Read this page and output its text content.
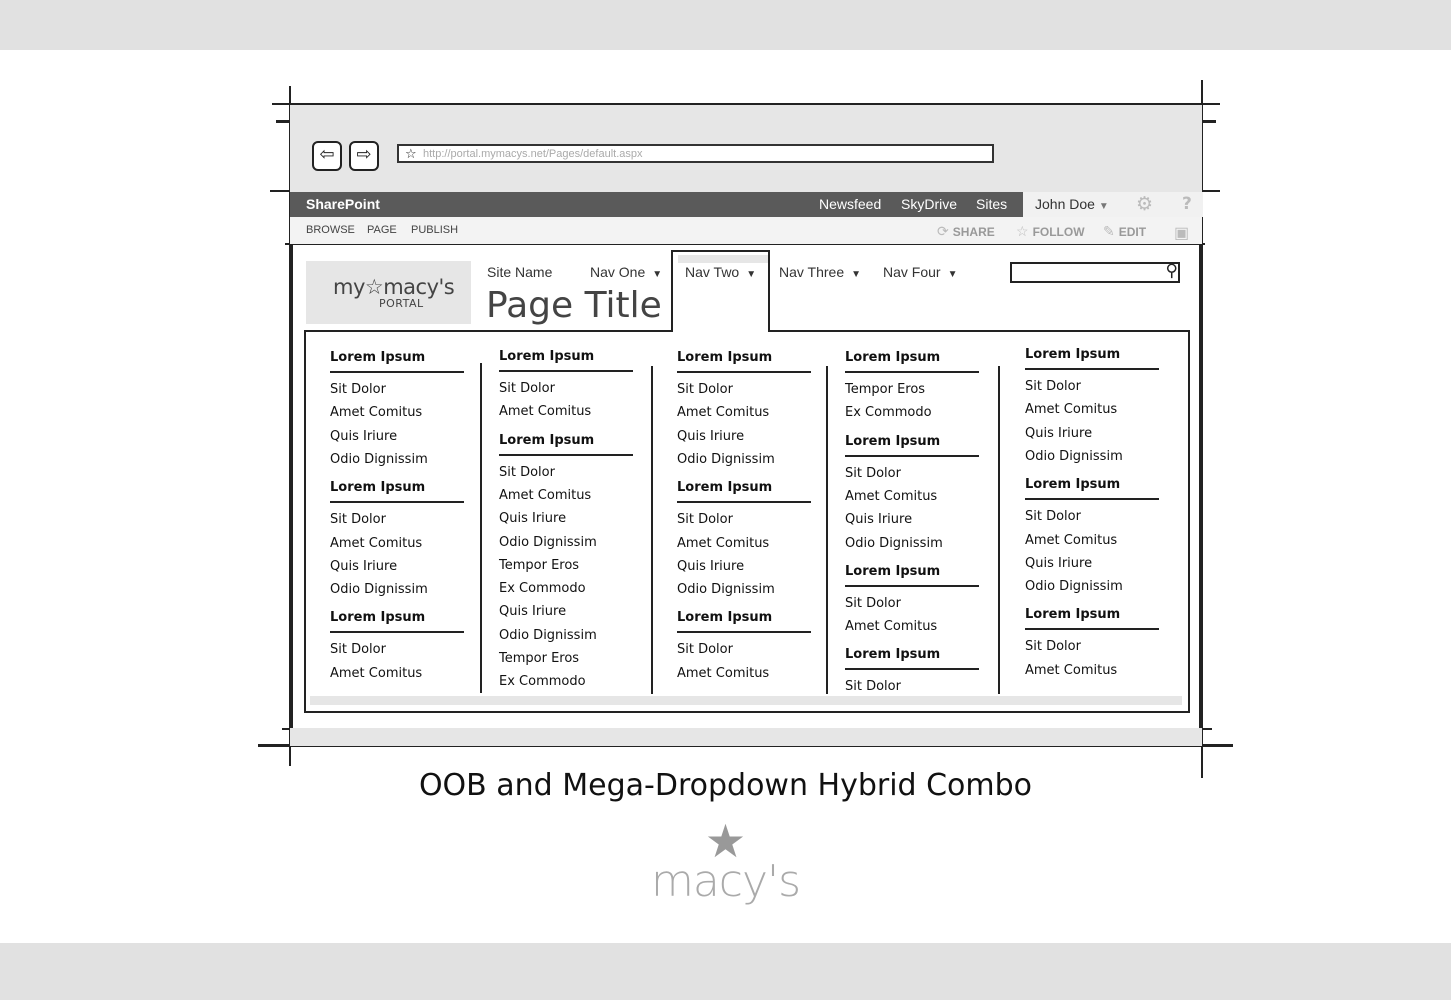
⇦	⇨	☆ http://portal.mymacys.net/Pages/default.aspx
SharePoint	Newsfeed SkyDrive Sites John Doe ▼ ⚙ ?
BROWSE PAGE PUBLISH	⟳ SHARE ☆ FOLLOW ✎ EDIT ▣
my☆macy's
PORTAL
Site Name
Page Title
Nav One ▼ Nav Two ▼ Nav Three ▼ Nav Four ▼	⚲
Lorem Ipsum
Sit Dolor
Amet Comitus
Quis Iriure
Odio Dignissim
Lorem Ipsum
Sit Dolor
Amet Comitus
Quis Iriure
Odio Dignissim
Lorem Ipsum
Sit Dolor
Amet Comitus
Lorem Ipsum
Sit Dolor
Amet Comitus
Lorem Ipsum
Sit Dolor
Amet Comitus
Quis Iriure
Odio Dignissim
Tempor Eros
Ex Commodo
Quis Iriure
Odio Dignissim
Tempor Eros
Ex Commodo
Lorem Ipsum
Sit Dolor
Amet Comitus
Quis Iriure
Odio Dignissim
Lorem Ipsum
Sit Dolor
Amet Comitus
Quis Iriure
Odio Dignissim
Lorem Ipsum
Sit Dolor
Amet Comitus
Lorem Ipsum
Tempor Eros
Ex Commodo
Lorem Ipsum
Sit Dolor
Amet Comitus
Quis Iriure
Odio Dignissim
Lorem Ipsum
Sit Dolor
Amet Comitus
Lorem Ipsum
Sit Dolor
Lorem Ipsum
Sit Dolor
Amet Comitus
Quis Iriure
Odio Dignissim
Lorem Ipsum
Sit Dolor
Amet Comitus
Quis Iriure
Odio Dignissim
Lorem Ipsum
Sit Dolor
Amet Comitus
OOB and Mega-Dropdown Hybrid Combo
★
macy's
